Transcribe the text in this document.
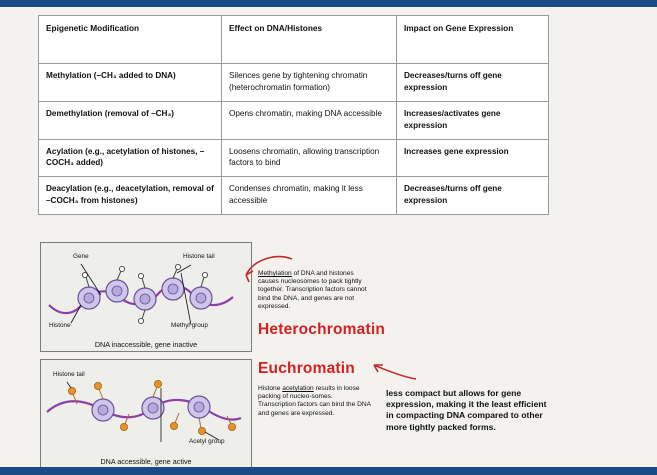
Epigenetic Modification	Effect on DNA/Histones	Impact on Gene Expression
Methylation (–CH₃ added to DNA)	Silences gene by tightening chromatin (heterochromatin formation)	Decreases/turns off gene expression
Demethylation (removal of –CH₃)	Opens chromatin, making DNA accessible	Increases/activates gene expression
Acylation (e.g., acetylation of histones, –COCH₃ added)	Loosens chromatin, allowing transcription factors to bind	Increases gene expression
Deacylation (e.g., deacetylation, removal of –COCH₃ from histones)	Condenses chromatin, making it less accessible	Decreases/turns off gene expression
Gene	Histone tail
Histone	Methyl group
DNA inaccessible, gene inactive
Histone tail
Acetyl group
DNA accessible, gene active
Methylation of DNA and histones causes nucleosomes to pack tightly together. Transcription factors cannot bind the DNA, and genes are not expressed.
Heterochromatin
Euchromatin
Histone acetylation results in loose packing of nucleo-somes. Transcription factors can bind the DNA and genes are expressed.
less compact but allows for gene expression, making it the least efficient in compacting DNA compared to other more tightly packed forms.
